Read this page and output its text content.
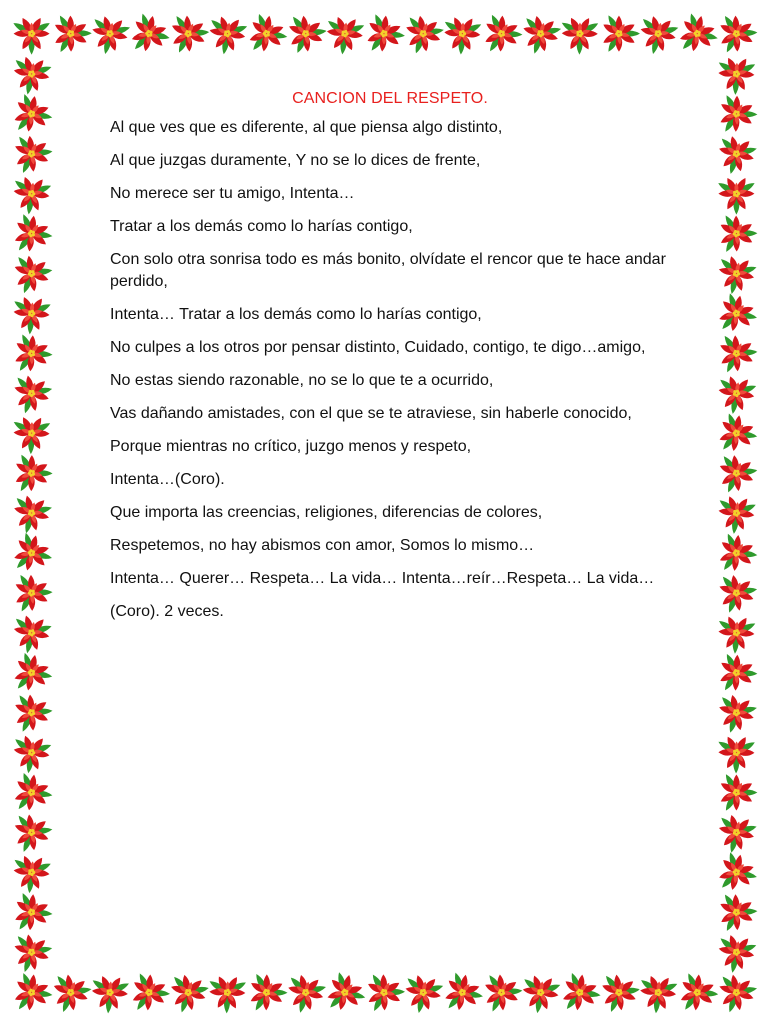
CANCION DEL RESPETO.
Al que ves que es diferente, al que piensa algo distinto,
Al que juzgas duramente, Y no se lo dices de frente,
No merece ser tu amigo, Intenta…
Tratar a los demás como lo harías contigo,
Con solo otra sonrisa todo es más bonito, olvídate el rencor que te hace andar perdido,
Intenta… Tratar a los demás como lo harías contigo,
No culpes a los otros por pensar distinto, Cuidado, contigo, te digo…amigo,
No estas siendo razonable, no se lo que te a ocurrido,
Vas dañando amistades, con el que se te atraviese, sin haberle conocido,
Porque mientras no crítico, juzgo menos y respeto,
Intenta…(Coro).
Que importa las creencias, religiones, diferencias de colores,
Respetemos, no hay abismos con amor, Somos lo mismo…
Intenta… Querer… Respeta… La vida… Intenta…reír…Respeta… La vida…
(Coro). 2 veces.
